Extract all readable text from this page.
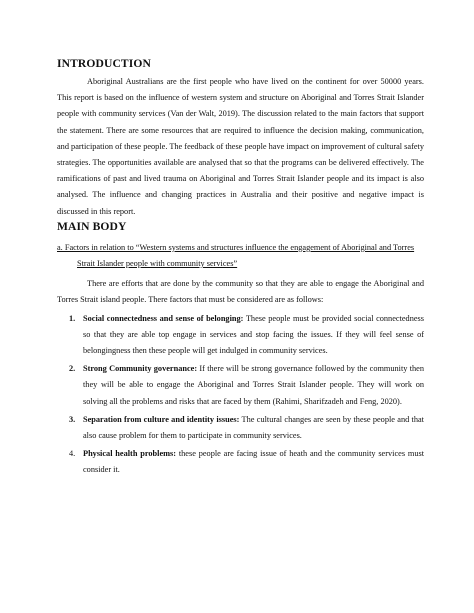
INTRODUCTION

Aboriginal Australians are the first people who have lived on the continent for over 50000 years. This report is based on the influence of western system and structure on Aboriginal and Torres Strait Islander people with community services (Van der Walt, 2019). The discussion related to the main factors that support the statement. There are some resources that are required to influence the decision making, communication, and participation of these people. The feedback of these people have impact on improvement of cultural safety strategies. The opportunities available are analysed that so that the programs can be delivered effectively. The ramifications of past and lived trauma on Aboriginal and Torres Strait Islander people and its impact is also analysed. The influence and changing practices in Australia and their positive and negative impact is discussed in this report.

MAIN BODY

a. Factors in relation to “Western systems and structures influence the engagement of Aboriginal and Torres Strait Islander people with community services”

There are efforts that are done by the community so that they are able to engage the Aboriginal and Torres Strait island people. There factors that must be considered are as follows:

1. Social connectedness and sense of belonging: These people must be provided social connectedness so that they are able top engage in services and stop facing the issues. If they will feel sense of belongingness then these people will get indulged in community services.
2. Strong Community governance: If there will be strong governance followed by the community then they will be able to engage the Aboriginal and Torres Strait Islander people. They will work on solving all the problems and risks that are faced by them (Rahimi, Sharifzadeh and Feng, 2020).
3. Separation from culture and identity issues: The cultural changes are seen by these people and that also cause problem for them to participate in community services.
4. Physical health problems: these people are facing issue of heath and the community services must consider it.
